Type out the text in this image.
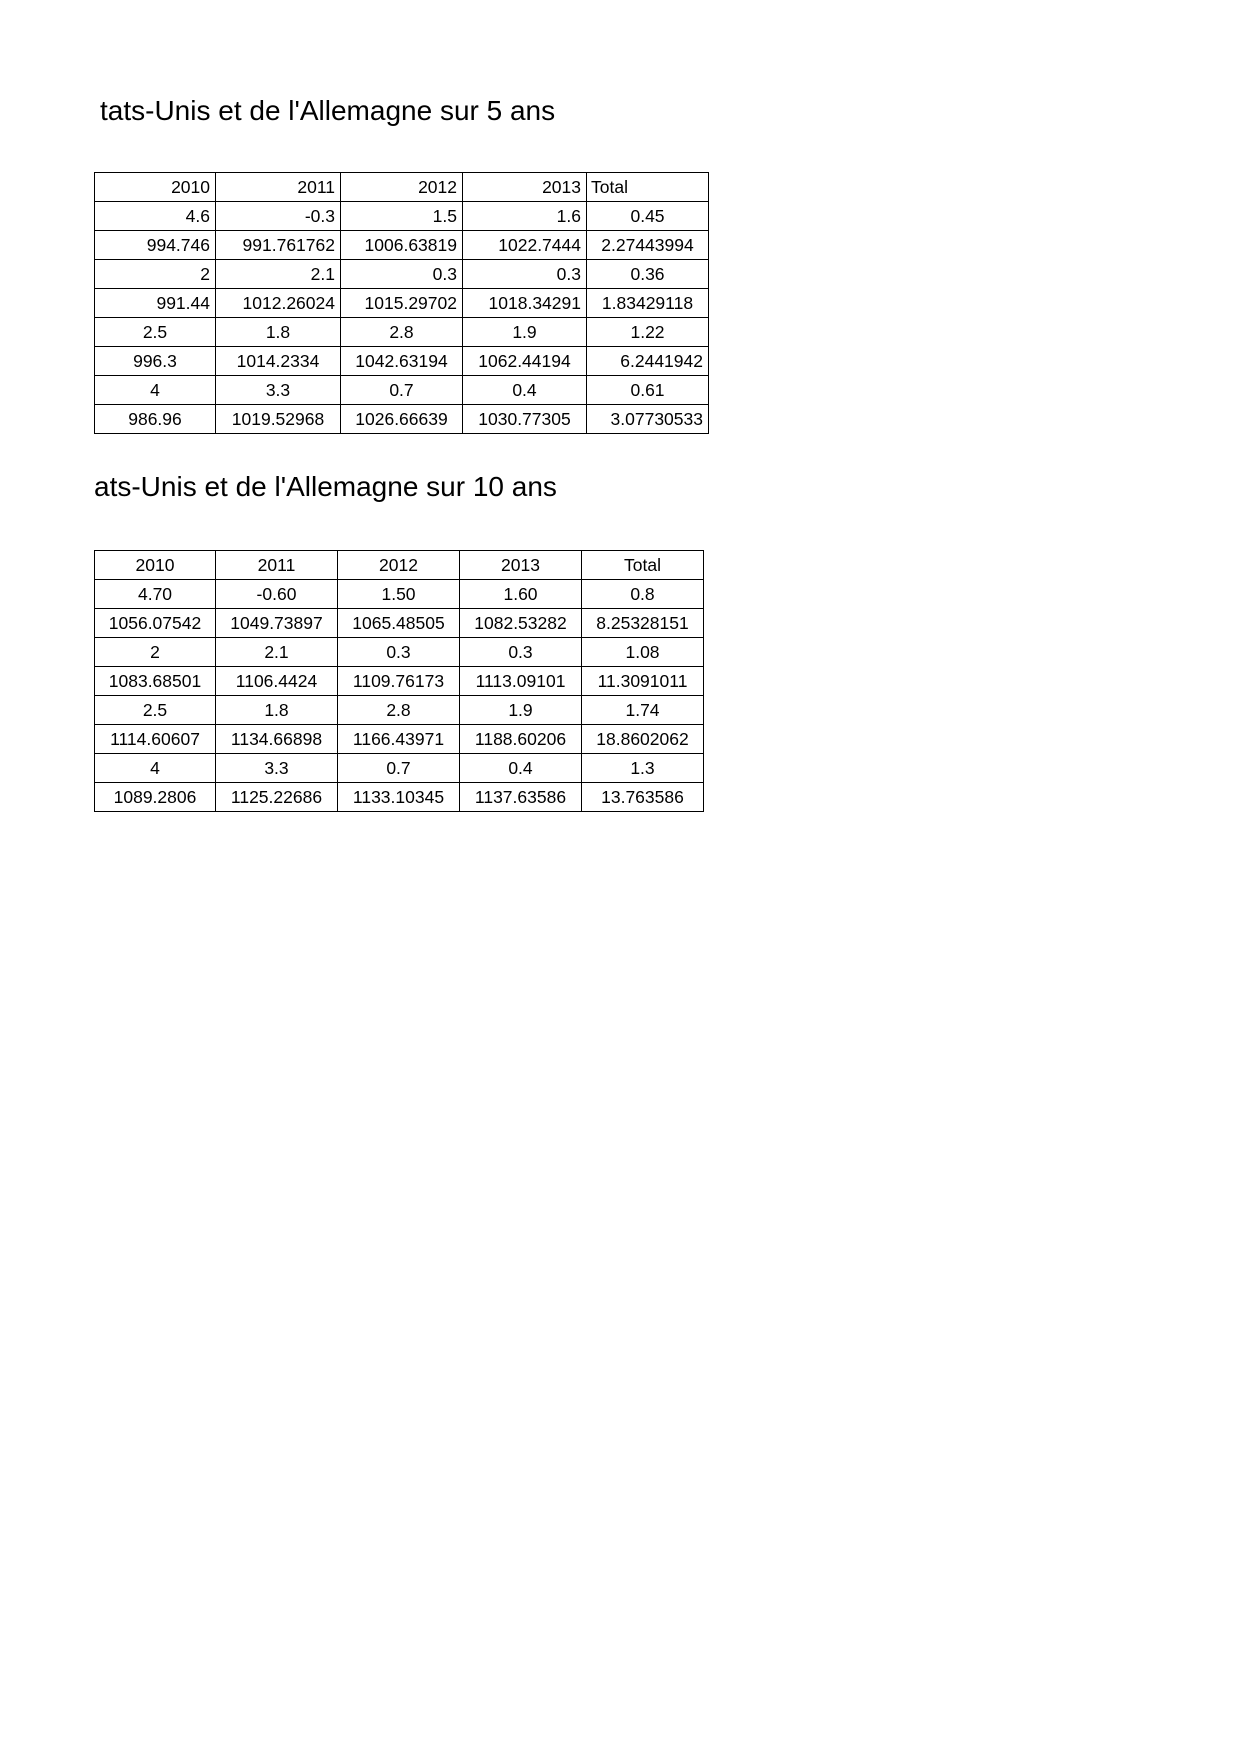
tats-Unis et de l'Allemagne sur 5 ans
2010	2011	2012	2013	Total
4.6	-0.3	1.5	1.6	0.45
994.746	991.761762	1006.63819	1022.7444	2.27443994
2	2.1	0.3	0.3	0.36
991.44	1012.26024	1015.29702	1018.34291	1.83429118
2.5	1.8	2.8	1.9	1.22
996.3	1014.2334	1042.63194	1062.44194	6.2441942
4	3.3	0.7	0.4	0.61
986.96	1019.52968	1026.66639	1030.77305	3.07730533
ats-Unis et de l'Allemagne sur 10 ans
2010	2011	2012	2013	Total
4.70	-0.60	1.50	1.60	0.8
1056.07542	1049.73897	1065.48505	1082.53282	8.25328151
2	2.1	0.3	0.3	1.08
1083.68501	1106.4424	1109.76173	1113.09101	11.3091011
2.5	1.8	2.8	1.9	1.74
1114.60607	1134.66898	1166.43971	1188.60206	18.8602062
4	3.3	0.7	0.4	1.3
1089.2806	1125.22686	1133.10345	1137.63586	13.763586
